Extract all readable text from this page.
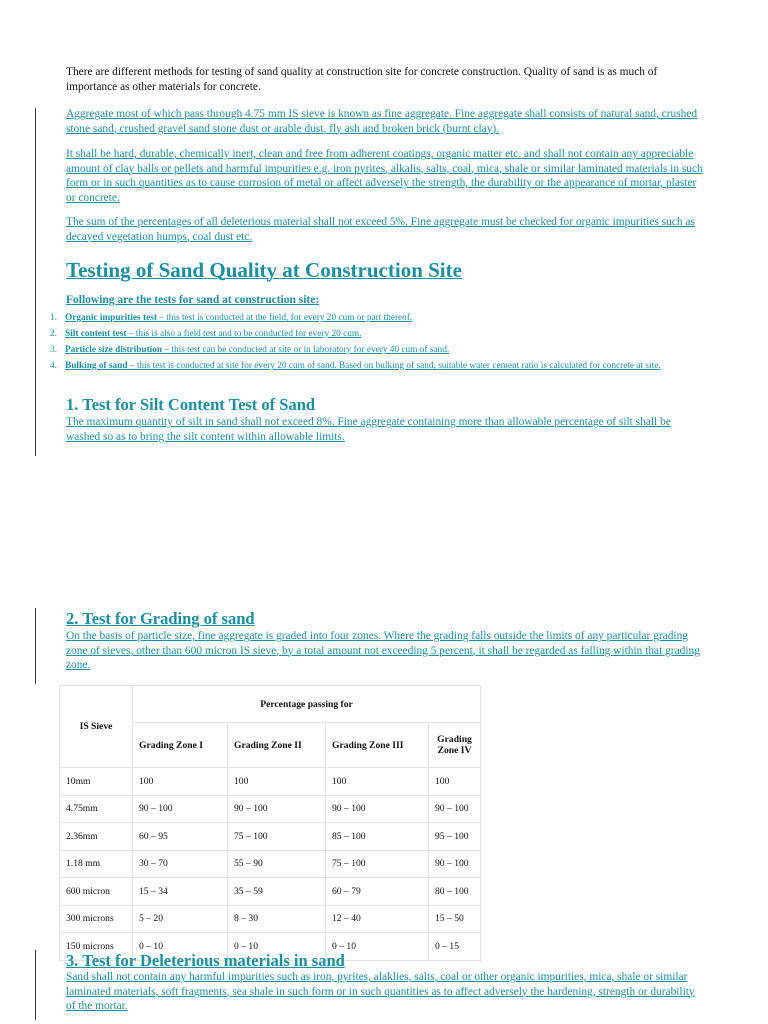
There are different methods for testing of sand quality at construction site for concrete construction. Quality of sand is as much of importance as other materials for concrete.

Aggregate most of which pass through 4.75 mm IS sieve is known as fine aggregate. Fine aggregate shall consists of natural sand, crushed stone sand, crushed gravel sand stone dust or arable dust, fly ash and broken brick (burnt clay).

It shall be hard, durable, chemically inert, clean and free from adherent coatings, organic matter etc. and shall not contain any appreciable amount of clay balls or pellets and harmful impurities e.g. iron pyrites, alkalis, salts, coal, mica, shale or similar laminated materials in such form or in such quantities as to cause corrosion of metal or affect adversely the strength, the durability or the appearance of mortar, plaster or concrete.

The sum of the percentages of all deleterious material shall not exceed 5%. Fine aggregate must be checked for organic impurities such as decayed vegetation humps, coal dust etc.

Testing of Sand Quality at Construction Site
Following are the tests for sand at construction site:
1. Organic impurities test – this test is conducted at the field, for every 20 cum or part thereof.
2. Silt content test – this is also a field test and to be conducted for every 20 cum.
3. Particle size distribution – this test can be conducted at site or in laboratory for every 40 cum of sand.
4. Bulking of sand – this test is conducted at site for every 20 cum of sand. Based on bulking of sand, suitable water cement ratio is calculated for concrete at site.
1. Test for Silt Content Test of Sand

The maximum quantity of silt in sand shall not exceed 8%. Fine aggregate containing more than allowable percentage of silt shall be washed so as to bring the silt content within allowable limits.

2. Test for Grading of sand

On the basis of particle size, fine aggregate is graded into four zones. Where the grading falls outside the limits of any particular grading zone of sieves, other than 600 micron IS sieve, by a total amount not exceeding 5 percent, it shall be regarded as falling within that grading zone.

IS Sieve	Percentage passing for			
	Grading Zone I	Grading Zone II	Grading Zone III	Grading Zone IV
10mm	100	100	100	100
4.75mm	90 – 100	90 – 100	90 – 100	90 – 100
2.36mm	60 – 95	75 – 100	85 – 100	95 – 100
1.18 mm	30 – 70	55 – 90	75 – 100	90 – 100
600 micron	15 – 34	35 – 59	60 – 79	80 – 100
300 microns	5 – 20	8 – 30	12 – 40	15 – 50
150 microns	0 – 10	0 – 10	0 – 10	0 – 15
3. Test for Deleterious materials in sand

Sand shall not contain any harmful impurities such as iron, pyrites, alaklies, salts, coal or other organic impurities, mica, shale or similar laminated materials, soft fragments, sea shale in such form or in such quantities as to affect adversely the hardening, strength or durability of the mortar.
